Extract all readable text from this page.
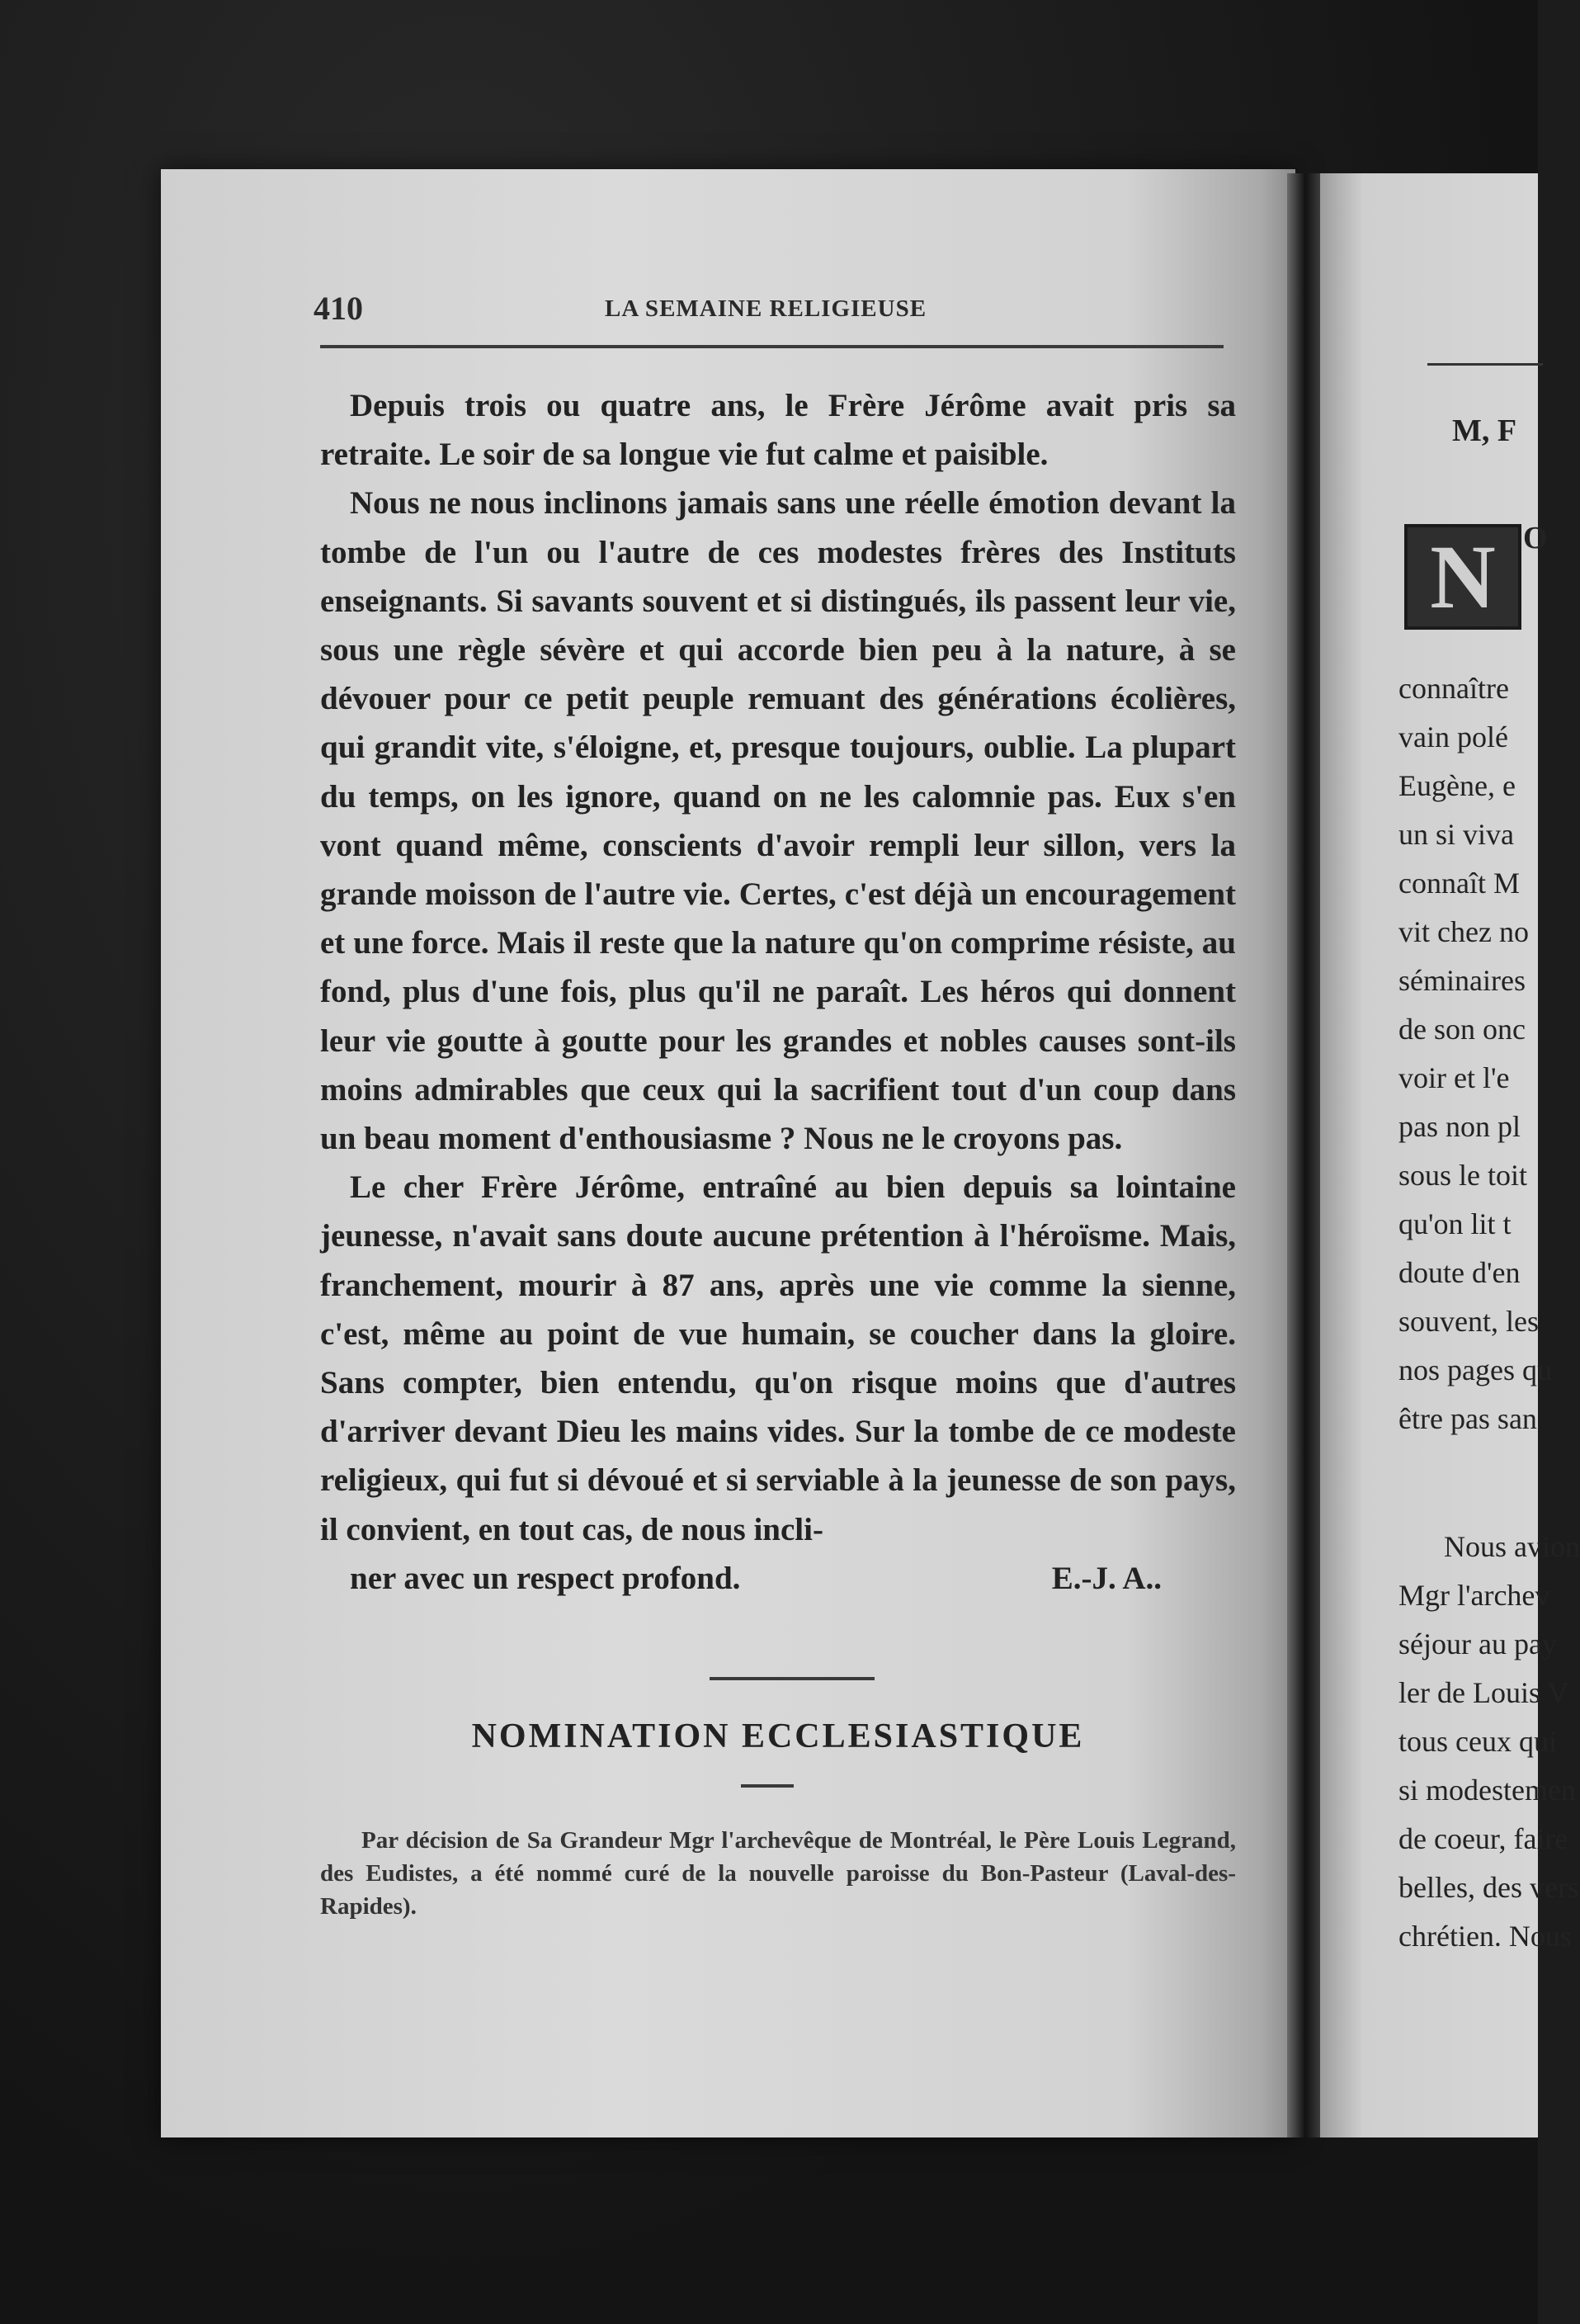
410	LA SEMAINE RELIGIEUSE

Depuis trois ou quatre ans, le Frère Jérôme avait pris sa retraite. Le soir de sa longue vie fut calme et paisible.

Nous ne nous inclinons jamais sans une réelle émotion devant la tombe de l'un ou l'autre de ces modestes frères des Instituts enseignants. Si savants souvent et si distingués, ils passent leur vie, sous une règle sévère et qui accorde bien peu à la nature, à se dévouer pour ce petit peuple remuant des générations écolières, qui grandit vite, s'éloigne, et, presque toujours, oublie. La plupart du temps, on les ignore, quand on ne les calomnie pas. Eux s'en vont quand même, conscients d'avoir rempli leur sillon, vers la grande moisson de l'autre vie. Certes, c'est déjà un encouragement et une force. Mais il reste que la nature qu'on comprime résiste, au fond, plus d'une fois, plus qu'il ne paraît. Les héros qui donnent leur vie goutte à goutte pour les grandes et nobles causes sont-ils moins admirables que ceux qui la sacrifient tout d'un coup dans un beau moment d'enthousiasme ? Nous ne le croyons pas.

Le cher Frère Jérôme, entraîné au bien depuis sa lointaine jeunesse, n'avait sans doute aucune prétention à l'héroïsme. Mais, franchement, mourir à 87 ans, après une vie comme la sienne, c'est, même au point de vue humain, se coucher dans la gloire. Sans compter, bien entendu, qu'on risque moins que d'autres d'arriver devant Dieu les mains vides. Sur la tombe de ce modeste religieux, qui fut si dévoué et si serviable à la jeunesse de son pays, il convient, en tout cas, de nous incli-

ner avec un respect profond.	E.-J. A..

NOMINATION ECCLESIASTIQUE
Par décision de Sa Grandeur Mgr l'archevêque de Montréal, le Père Louis Legrand, des Eudistes, a été nommé curé de la nouvelle paroisse du Bon-Pasteur (Laval-des-Rapides).
M, F
N O
connaître
vain polé
Eugène, e
un si viva
connaît M
vit chez no
séminaires
de son onc
voir et l'e
pas non pl
sous le toit
qu'on lit t
doute d'en
souvent, les
nos pages qu
être pas san
Nous avion
Mgr l'archev
séjour au pay
ler de Louis V
tous ceux qui
si modestemen
de coeur, faire
belles, des vers
chrétien. Nous
